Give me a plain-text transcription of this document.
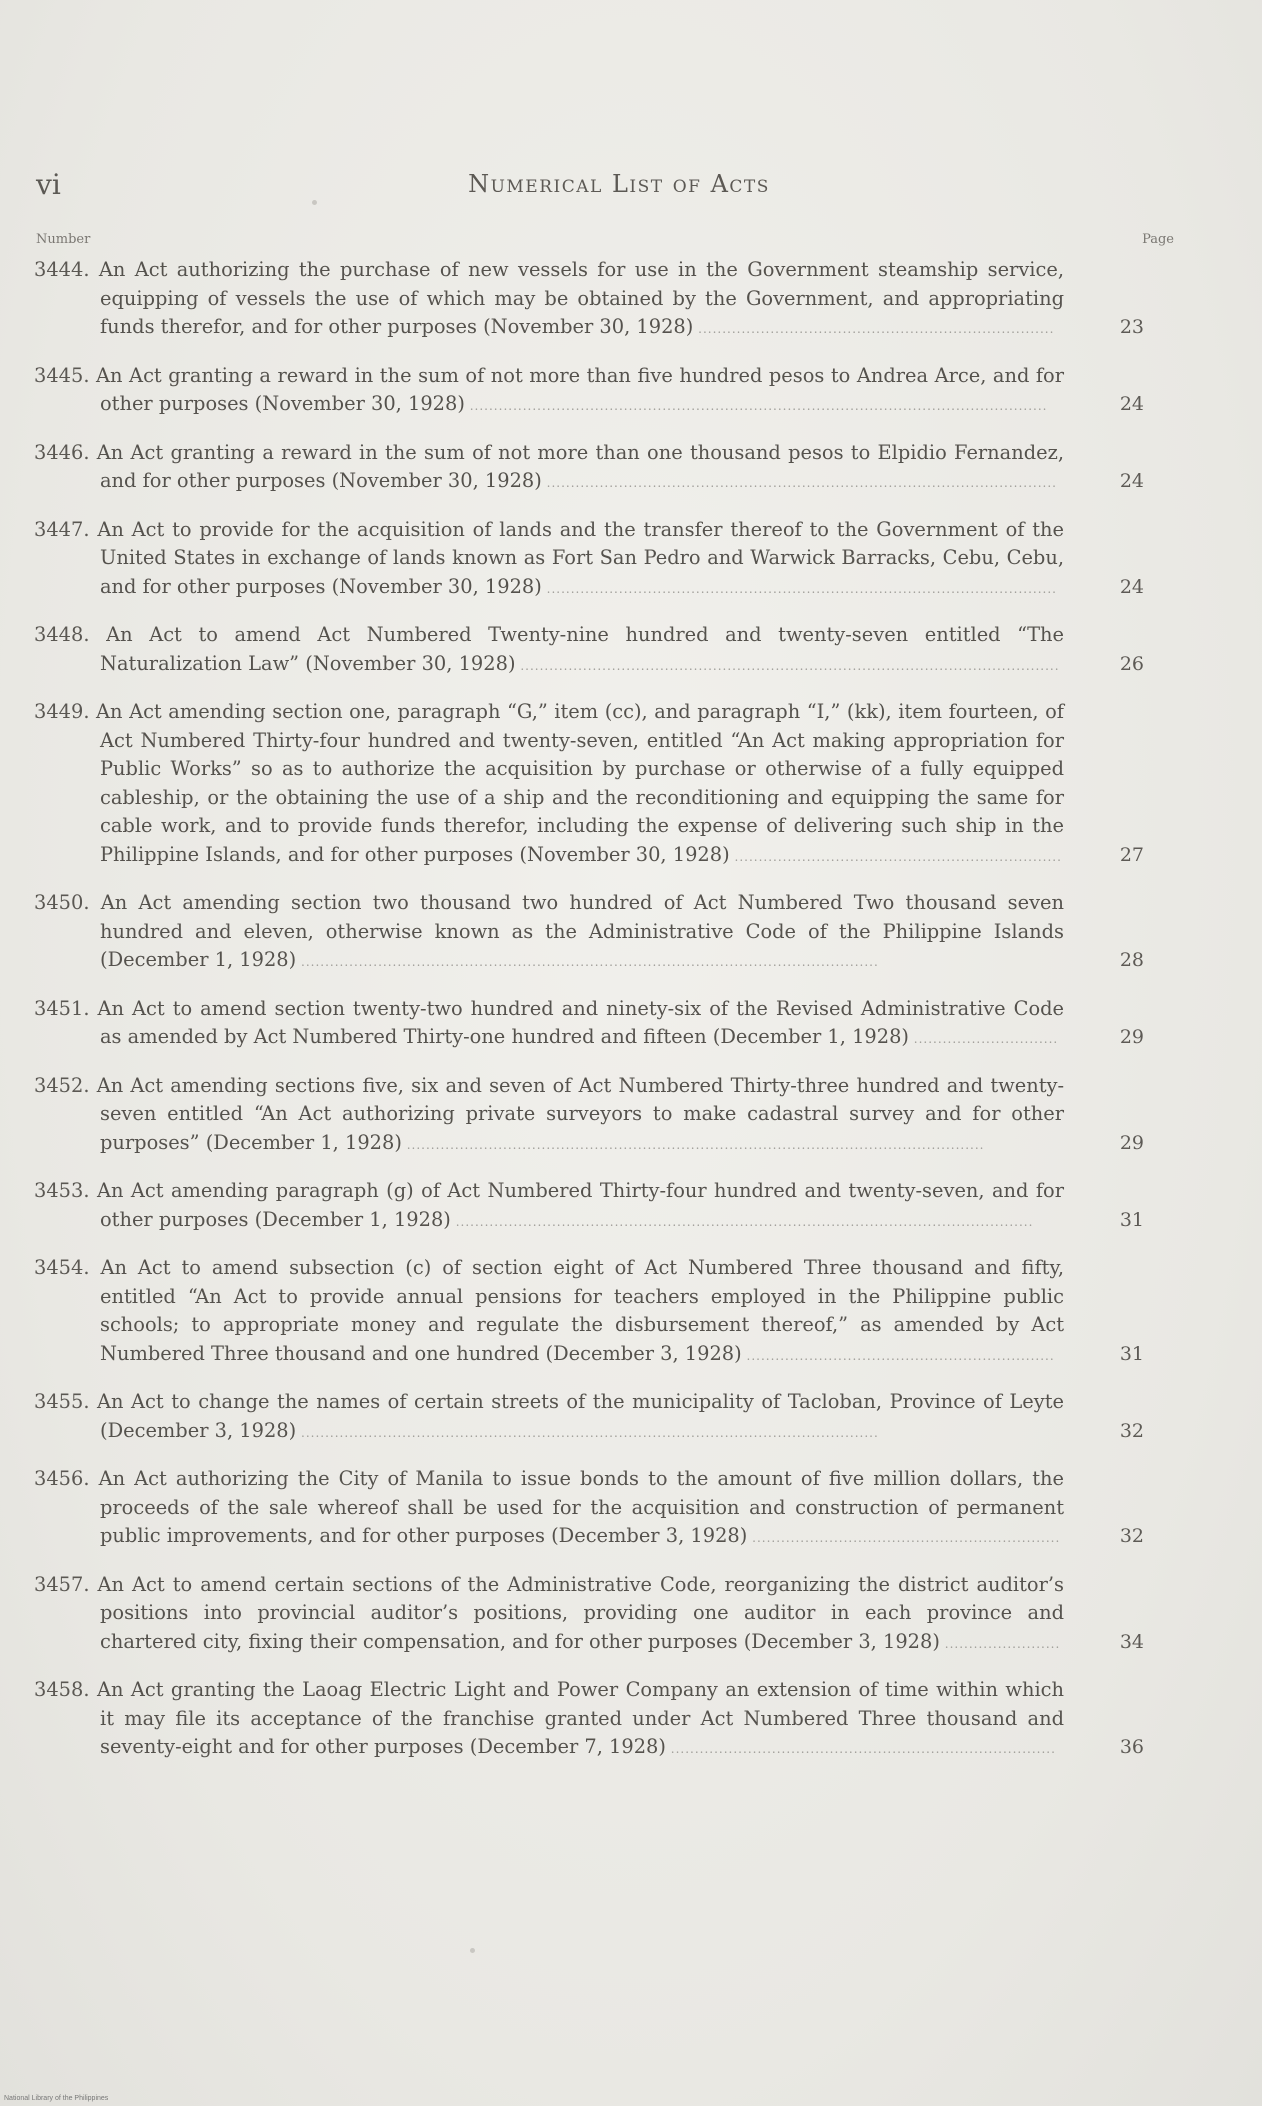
vi	Numerical List of Acts
Number	Page
3444. An Act authorizing the purchase of new vessels for use in the Government steamship service, equipping of vessels the use of which may be obtained by the Government, and appropriating funds therefor, and for other purposes (November 30, 1928) ..........................................................................	23
3445. An Act granting a reward in the sum of not more than five hundred pesos to Andrea Arce, and for other purposes (November 30, 1928) ........................................................................................................................	24
3446. An Act granting a reward in the sum of not more than one thousand pesos to Elpidio Fernandez, and for other purposes (November 30, 1928) ..........................................................................................................	24
3447. An Act to provide for the acquisition of lands and the transfer thereof to the Government of the United States in exchange of lands known as Fort San Pedro and Warwick Barracks, Cebu, Cebu, and for other purposes (November 30, 1928) ..........................................................................................................	24
3448. An Act to amend Act Numbered Twenty-nine hundred and twenty-seven entitled “The Naturalization Law” (November 30, 1928) ................................................................................................................	26
3449. An Act amending section one, paragraph “G,” item (cc), and paragraph “I,” (kk), item fourteen, of Act Numbered Thirty-four hundred and twenty-seven, entitled “An Act making appropriation for Public Works” so as to authorize the acquisition by purchase or otherwise of a fully equipped cableship, or the obtaining the use of a ship and the reconditioning and equipping the same for cable work, and to provide funds therefor, including the expense of delivering such ship in the Philippine Islands, and for other purposes (November 30, 1928) ....................................................................	27
3450. An Act amending section two thousand two hundred of Act Numbered Two thousand seven hundred and eleven, otherwise known as the Administrative Code of the Philippine Islands (December 1, 1928) ........................................................................................................................	28
3451. An Act to amend section twenty-two hundred and ninety-six of the Revised Administrative Code as amended by Act Numbered Thirty-one hundred and fifteen (December 1, 1928) ..............................	29
3452. An Act amending sections five, six and seven of Act Numbered Thirty-three hundred and twenty-seven entitled “An Act authorizing private surveyors to make cadastral survey and for other purposes” (December 1, 1928) ........................................................................................................................	29
3453. An Act amending paragraph (g) of Act Numbered Thirty-four hundred and twenty-seven, and for other purposes (December 1, 1928) ........................................................................................................................	31
3454. An Act to amend subsection (c) of section eight of Act Numbered Three thousand and fifty, entitled “An Act to provide annual pensions for teachers employed in the Philippine public schools; to appropriate money and regulate the disbursement thereof,” as amended by Act Numbered Three thousand and one hundred (December 3, 1928) ................................................................	31
3455. An Act to change the names of certain streets of the municipality of Tacloban, Province of Leyte (December 3, 1928) ........................................................................................................................	32
3456. An Act authorizing the City of Manila to issue bonds to the amount of five million dollars, the proceeds of the sale whereof shall be used for the acquisition and construction of permanent public improvements, and for other purposes (December 3, 1928) ................................................................	32
3457. An Act to amend certain sections of the Administrative Code, reorganizing the district auditor’s positions into provincial auditor’s positions, providing one auditor in each province and chartered city, fixing their compensation, and for other purposes (December 3, 1928) ........................	34
3458. An Act granting the Laoag Electric Light and Power Company an extension of time within which it may file its acceptance of the franchise granted under Act Numbered Three thousand and seventy-eight and for other purposes (December 7, 1928) ................................................................................	36
National Library of the Philippines
